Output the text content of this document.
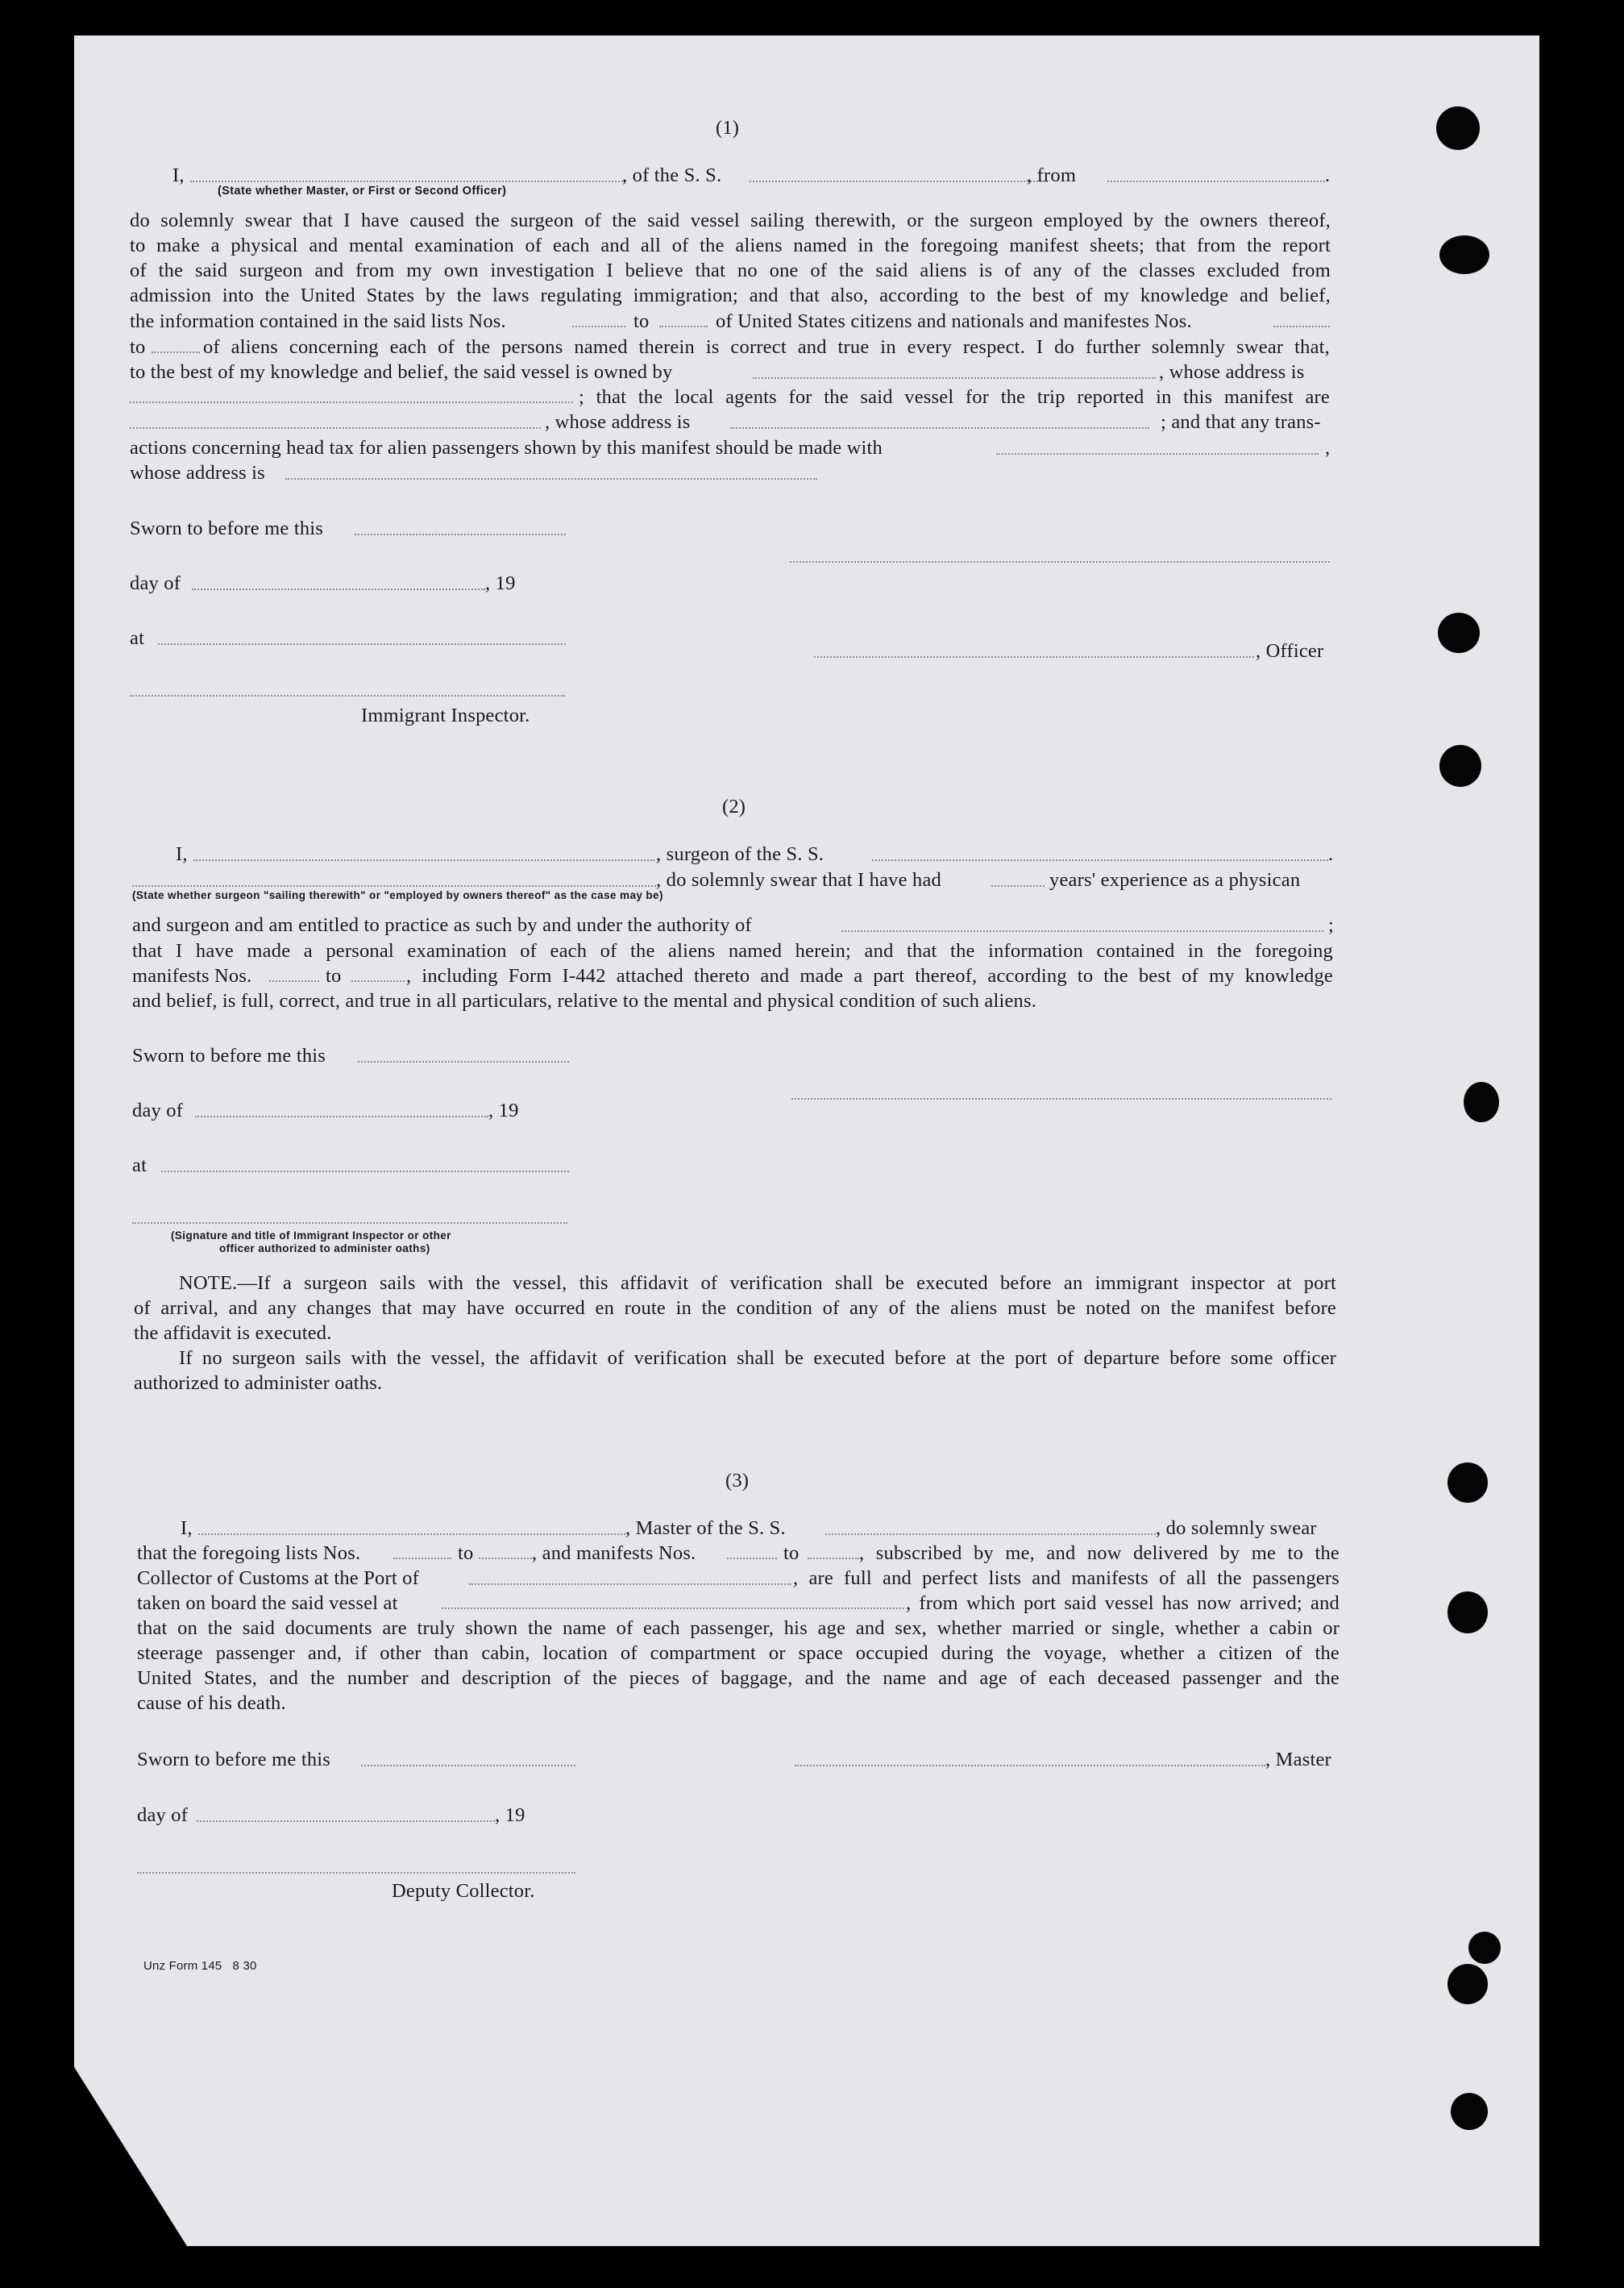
(1)
I,	, of the S. S.	, from	.
(State whether Master, or First or Second Officer)
do solemnly swear that I have caused the surgeon of the said vessel sailing therewith, or the surgeon employed by the owners thereof,
to make a physical and mental examination of each and all of the aliens named in the foregoing manifest sheets; that from the report
of the said surgeon and from my own investigation I believe that no one of the said aliens is of any of the classes excluded from
admission into the United States by the laws regulating immigration; and that also, according to the best of my knowledge and belief,
the information contained in the said lists Nos.	to	of United States citizens and nationals and manifestes Nos.
to	of aliens concerning each of the persons named therein is correct and true in every respect. I do further solemnly swear that,
to the best of my knowledge and belief, the said vessel is owned by	, whose address is
; that the local agents for the said vessel for the trip reported in this manifest are
, whose address is	; and that any trans-
actions concerning head tax for alien passengers shown by this manifest should be made with	,
whose address is
Sworn to before me this
day of	, 19
at
, Officer
Immigrant Inspector.
(2)
I,	, surgeon of the S. S.	.
, do solemnly swear that I have had	years' experience as a physican
(State whether surgeon "sailing therewith" or "employed by owners thereof" as the case may be)
and surgeon and am entitled to practice as such by and under the authority of	;
that I have made a personal examination of each of the aliens named herein; and that the information contained in the foregoing
manifests Nos.	to	, including Form I-442 attached thereto and made a part thereof, according to the best of my knowledge
and belief, is full, correct, and true in all particulars, relative to the mental and physical condition of such aliens.
Sworn to before me this
day of	, 19
at
(Signature and title of Immigrant Inspector or other
officer authorized to administer oaths)
NOTE.—If a surgeon sails with the vessel, this affidavit of verification shall be executed before an immigrant inspector at port
of arrival, and any changes that may have occurred en route in the condition of any of the aliens must be noted on the manifest before
the affidavit is executed.
If no surgeon sails with the vessel, the affidavit of verification shall be executed before at the port of departure before some officer
authorized to administer oaths.
(3)
I,	, Master of the S. S.	, do solemnly swear
that the foregoing lists Nos.	to	, and manifests Nos.	to	, subscribed by me, and now delivered by me to the
Collector of Customs at the Port of	, are full and perfect lists and manifests of all the passengers
taken on board the said vessel at	, from which port said vessel has now arrived; and
that on the said documents are truly shown the name of each passenger, his age and sex, whether married or single, whether a cabin or
steerage passenger and, if other than cabin, location of compartment or space occupied during the voyage, whether a citizen of the
United States, and the number and description of the pieces of baggage, and the name and age of each deceased passenger and the
cause of his death.
Sworn to before me this	, Master
day of	, 19
Deputy Collector.
Unz Form 145   8 30
